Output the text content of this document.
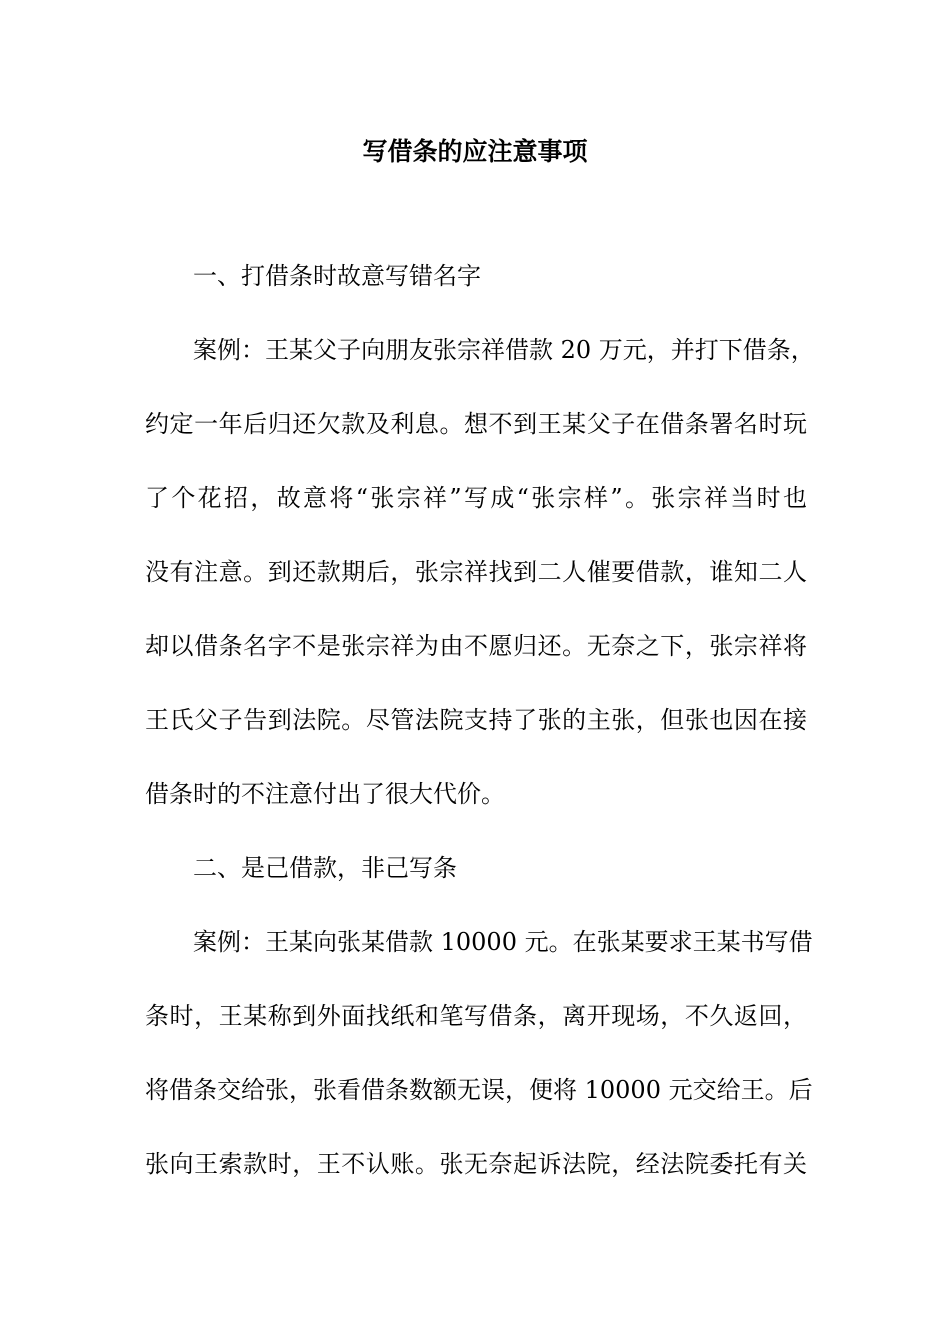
写借条的应注意事项
一、打借条时故意写错名字
案例：王某父子向朋友张宗祥借款 20 万元，并打下借条，
约定一年后归还欠款及利息。想不到王某父子在借条署名时玩
了个花招，故意将“张宗祥”写成“张宗样”。张宗祥当时也
没有注意。到还款期后，张宗祥找到二人催要借款，谁知二人
却以借条名字不是张宗祥为由不愿归还。无奈之下，张宗祥将
王氏父子告到法院。尽管法院支持了张的主张，但张也因在接
借条时的不注意付出了很大代价。
二、是己借款，非己写条
案例：王某向张某借款 10000 元。在张某要求王某书写借
条时，王某称到外面找纸和笔写借条，离开现场，不久返回，
将借条交给张，张看借条数额无误，便将 10000 元交给王。后
张向王索款时，王不认账。张无奈起诉法院，经法院委托有关
